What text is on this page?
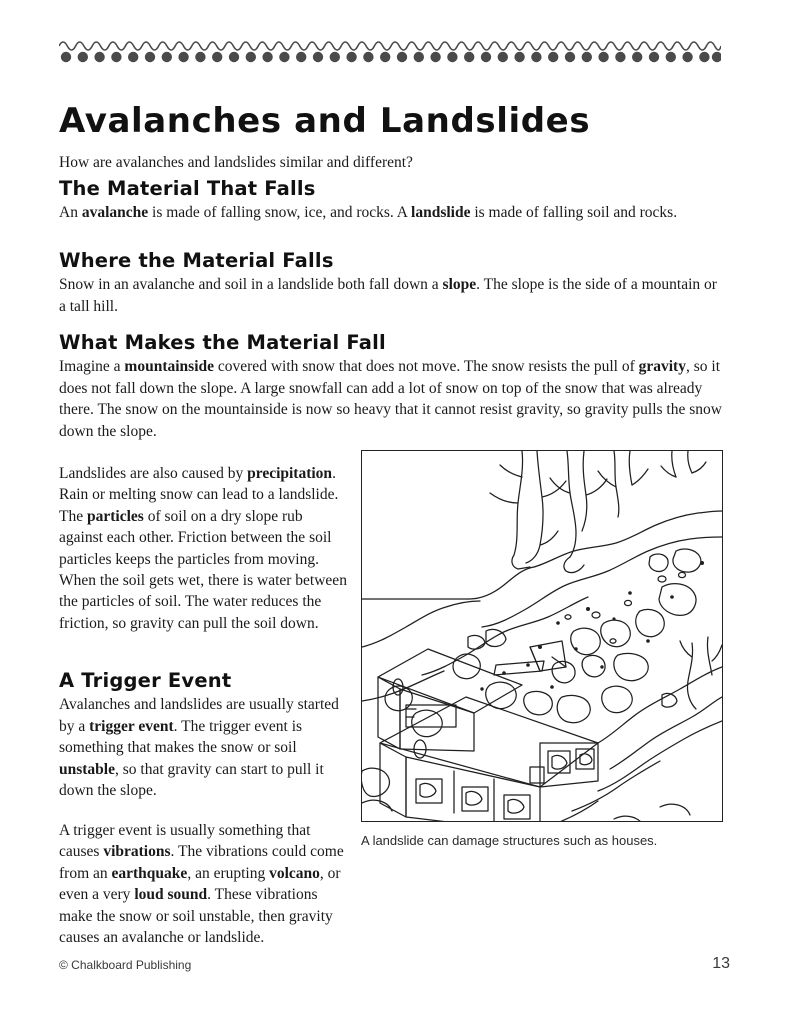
Avalanches and Landslides

How are avalanches and landslides similar and different?

The Material That Falls

An avalanche is made of falling snow, ice, and rocks. A landslide is made of falling soil and rocks.

Where the Material Falls

Snow in an avalanche and soil in a landslide both fall down a slope. The slope is the side of a mountain or a tall hill.

What Makes the Material Fall

Imagine a mountainside covered with snow that does not move. The snow resists the pull of gravity, so it does not fall down the slope. A large snowfall can add a lot of snow on top of the snow that was already there. The snow on the mountainside is now so heavy that it cannot resist gravity, so gravity pulls the snow down the slope.

Landslides are also caused by precipitation. Rain or melting snow can lead to a landslide. The particles of soil on a dry slope rub against each other. Friction between the soil particles keeps the particles from moving. When the soil gets wet, there is water between the particles of soil. The water reduces the friction, so gravity can pull the soil down.

A Trigger Event

Avalanches and landslides are usually started by a trigger event. The trigger event is something that makes the snow or soil unstable, so that gravity can start to pull it down the slope.

A trigger event is usually something that causes vibrations. The vibrations could come from an earthquake, an erupting volcano, or even a very loud sound. These vibrations make the snow or soil unstable, then gravity causes an avalanche or landslide.

A landslide can damage structures such as houses.
© Chalkboard Publishing	13
